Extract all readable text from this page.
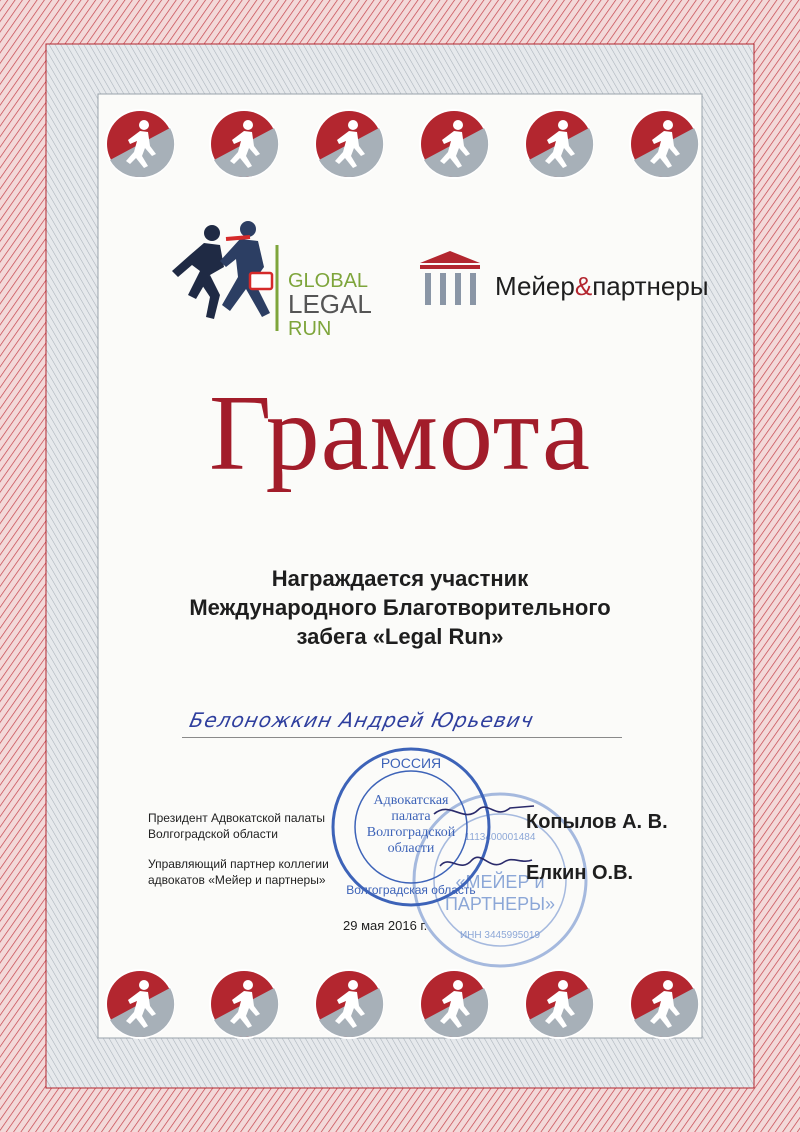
GLOBAL
LEGAL
RUN
Мейер&партнеры
Грамота
Награждается участник
Международного Благотворительного
забега «Legal Run»
Белоножкин Андрей Юрьевич
«МЕЙЕР и
ПАРТНЕРЫ»
ИНН 3445995019
1113400001484
РОССИЯ
Адвокатская
палата
Волгоградской
области
Волгоградская область
Президент Адвокатской палаты
Волгоградской области
Копылов А. В.
Управляющий партнер коллегии
адвокатов «Мейер и партнеры»	Елкин О.В.
29 мая 2016 г.
